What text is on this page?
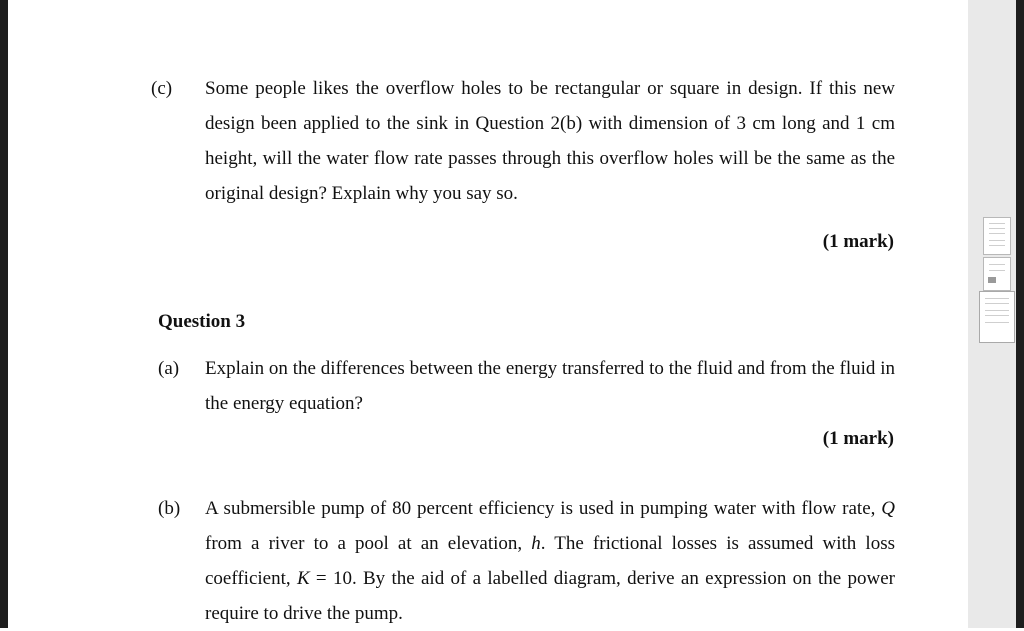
(c) Some people likes the overflow holes to be rectangular or square in design. If this new design been applied to the sink in Question 2(b) with dimension of 3 cm long and 1 cm height, will the water flow rate passes through this overflow holes will be the same as the original design? Explain why you say so.
(1 mark)
Question 3
(a) Explain on the differences between the energy transferred to the fluid and from the fluid in the energy equation?
(1 mark)
(b) A submersible pump of 80 percent efficiency is used in pumping water with flow rate, Q from a river to a pool at an elevation, h. The frictional losses is assumed with loss coefficient, K = 10. By the aid of a labelled diagram, derive an expression on the power require to drive the pump.
